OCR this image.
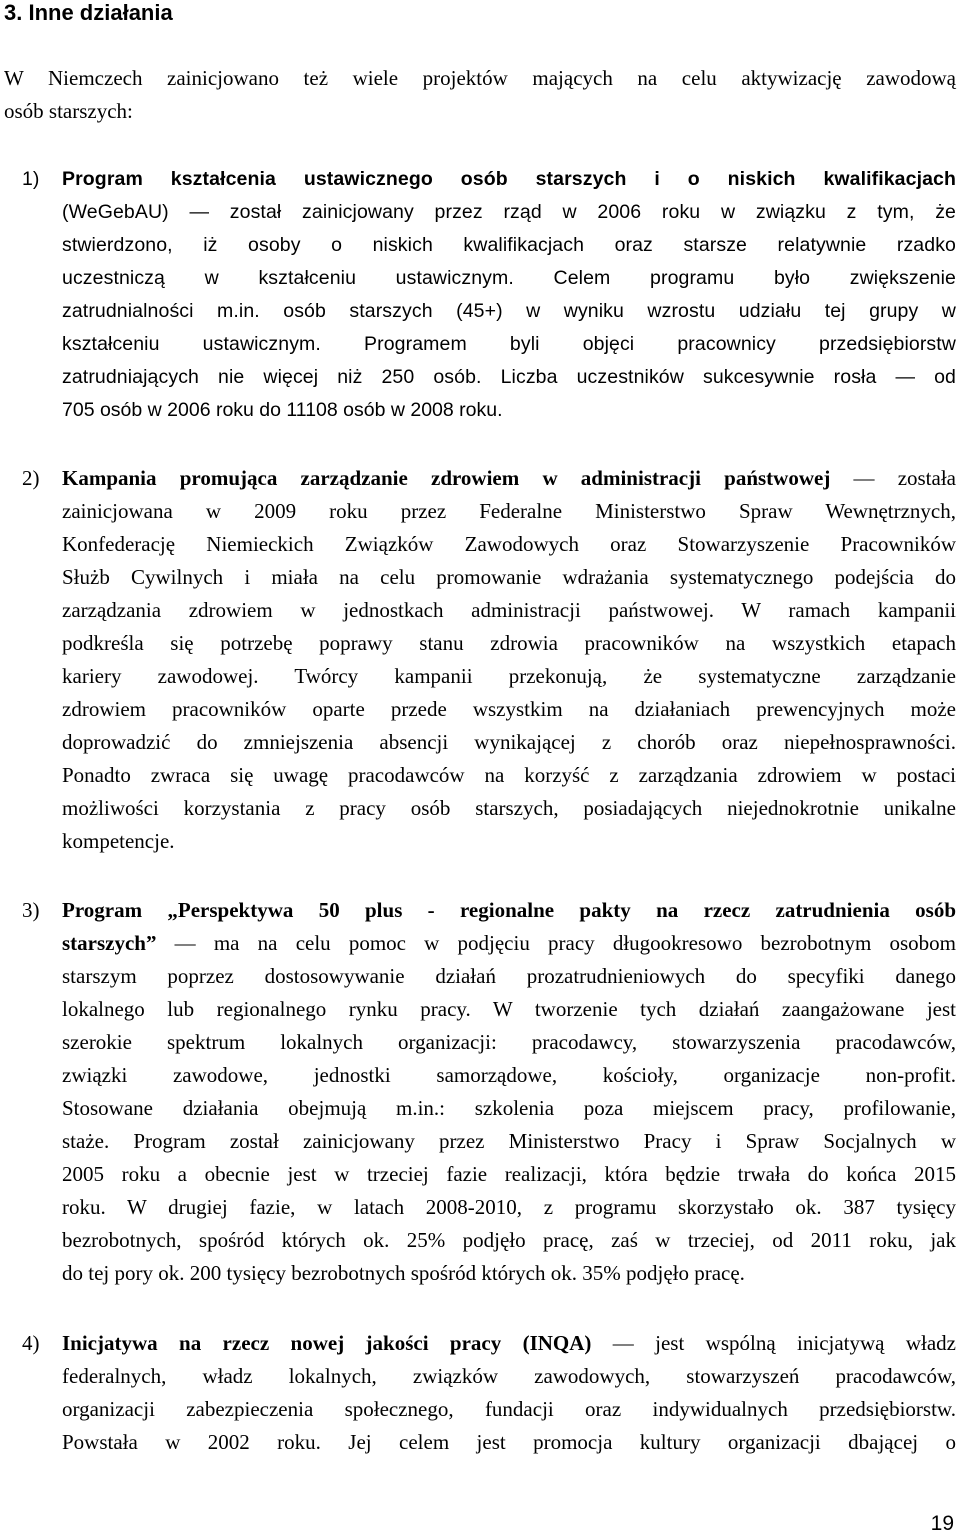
3. Inne działania
W Niemczech zainicjowano też wiele projektów mających na celu aktywizację zawodową
osób starszych:
1) Program kształcenia ustawicznego osób starszych i o niskich kwalifikacjach
(WeGebAU) — został zainicjowany przez rząd w 2006 roku w związku z tym, że
stwierdzono, iż osoby o niskich kwalifikacjach oraz starsze relatywnie rzadko
uczestniczą w kształceniu ustawicznym. Celem programu było zwiększenie
zatrudnialności m.in. osób starszych (45+) w wyniku wzrostu udziału tej grupy w
kształceniu ustawicznym. Programem byli objęci pracownicy przedsiębiorstw
zatrudniających nie więcej niż 250 osób. Liczba uczestników sukcesywnie rosła — od
705 osób w 2006 roku do 11108 osób w 2008 roku.
2) Kampania promująca zarządzanie zdrowiem w administracji państwowej — została
zainicjowana w 2009 roku przez Federalne Ministerstwo Spraw Wewnętrznych,
Konfederację Niemieckich Związków Zawodowych oraz Stowarzyszenie Pracowników
Służb Cywilnych i miała na celu promowanie wdrażania systematycznego podejścia do
zarządzania zdrowiem w jednostkach administracji państwowej. W ramach kampanii
podkreśla się potrzebę poprawy stanu zdrowia pracowników na wszystkich etapach
kariery zawodowej. Twórcy kampanii przekonują, że systematyczne zarządzanie
zdrowiem pracowników oparte przede wszystkim na działaniach prewencyjnych może
doprowadzić do zmniejszenia absencji wynikającej z chorób oraz niepełnosprawności.
Ponadto zwraca się uwagę pracodawców na korzyść z zarządzania zdrowiem w postaci
możliwości korzystania z pracy osób starszych, posiadających niejednokrotnie unikalne
kompetencje.
3) Program „Perspektywa 50 plus - regionalne pakty na rzecz zatrudnienia osób
starszych” — ma na celu pomoc w podjęciu pracy długookresowo bezrobotnym osobom
starszym poprzez dostosowywanie działań prozatrudnieniowych do specyfiki danego
lokalnego lub regionalnego rynku pracy. W tworzenie tych działań zaangażowane jest
szerokie spektrum lokalnych organizacji: pracodawcy, stowarzyszenia pracodawców,
związki zawodowe, jednostki samorządowe, kościoły, organizacje non-profit.
Stosowane działania obejmują m.in.: szkolenia poza miejscem pracy, profilowanie,
staże. Program został zainicjowany przez Ministerstwo Pracy i Spraw Socjalnych w
2005 roku a obecnie jest w trzeciej fazie realizacji, która będzie trwała do końca 2015
roku. W drugiej fazie, w latach 2008-2010, z programu skorzystało ok. 387 tysięcy
bezrobotnych, spośród których ok. 25% podjęło pracę, zaś w trzeciej, od 2011 roku, jak
do tej pory ok. 200 tysięcy bezrobotnych spośród których ok. 35% podjęło pracę.
4) Inicjatywa na rzecz nowej jakości pracy (INQA) — jest wspólną inicjatywą władz
federalnych, władz lokalnych, związków zawodowych, stowarzyszeń pracodawców,
organizacji zabezpieczenia społecznego, fundacji oraz indywidualnych przedsiębiorstw.
Powstała w 2002 roku. Jej celem jest promocja kultury organizacji dbającej o
19
